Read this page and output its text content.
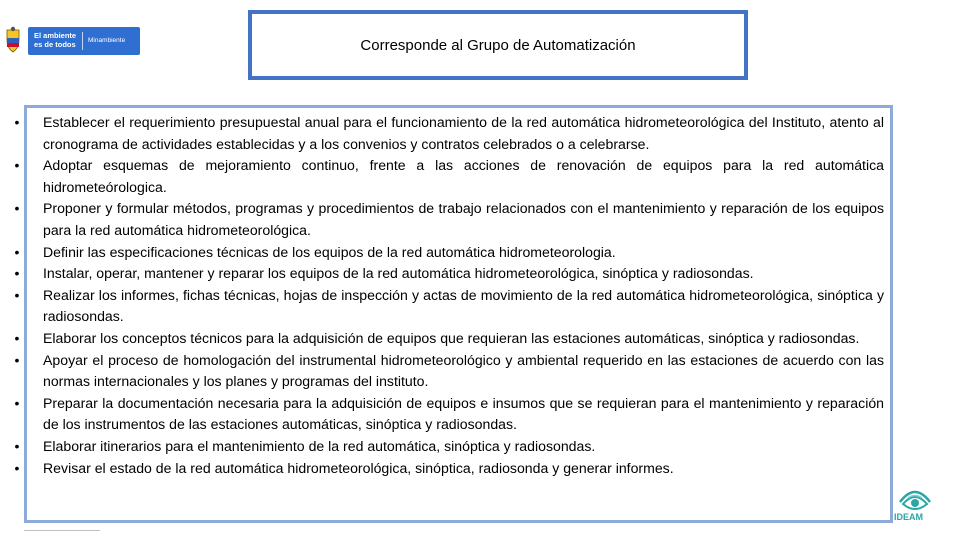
El ambiente es de todos	Minambiente	Corresponde al Grupo de Automatización
•	Establecer el requerimiento presupuestal anual para el funcionamiento de la red automática hidrometeorológica del Instituto, atento al cronograma de actividades establecidas y a los convenios y contratos celebrados o a celebrarse.
•	Adoptar esquemas de mejoramiento continuo, frente a las acciones de renovación de equipos para la red automática hidrometeórologica.
•	Proponer y formular métodos, programas y procedimientos de trabajo relacionados con el mantenimiento y reparación de los equipos para la red automática hidrometeorológica.
•	Definir las especificaciones técnicas de los equipos de la red automática hidrometeorologia.
•	Instalar, operar, mantener y reparar los equipos de la red automática hidrometeorológica, sinóptica y radiosondas.
•	Realizar los informes, fichas técnicas, hojas de inspección y actas de movimiento de la red automática hidrometeorológica, sinóptica y radiosondas.
•	Elaborar los conceptos técnicos para la adquisición de equipos que requieran las estaciones automáticas, sinóptica y radiosondas.
•	Apoyar el proceso de homologación del instrumental hidrometeorológico y ambiental requerido en las estaciones de acuerdo con las normas internacionales y los planes y programas del instituto.
•	Preparar la documentación necesaria para la adquisición de equipos e insumos que se requieran para el mantenimiento y reparación de los instrumentos de las estaciones automáticas, sinóptica y radiosondas.
•	Elaborar itinerarios para el mantenimiento de la red automática, sinóptica y radiosondas.
•	Revisar el estado de la red automática hidrometeorológica, sinóptica, radiosonda y generar informes.
IDEAM
